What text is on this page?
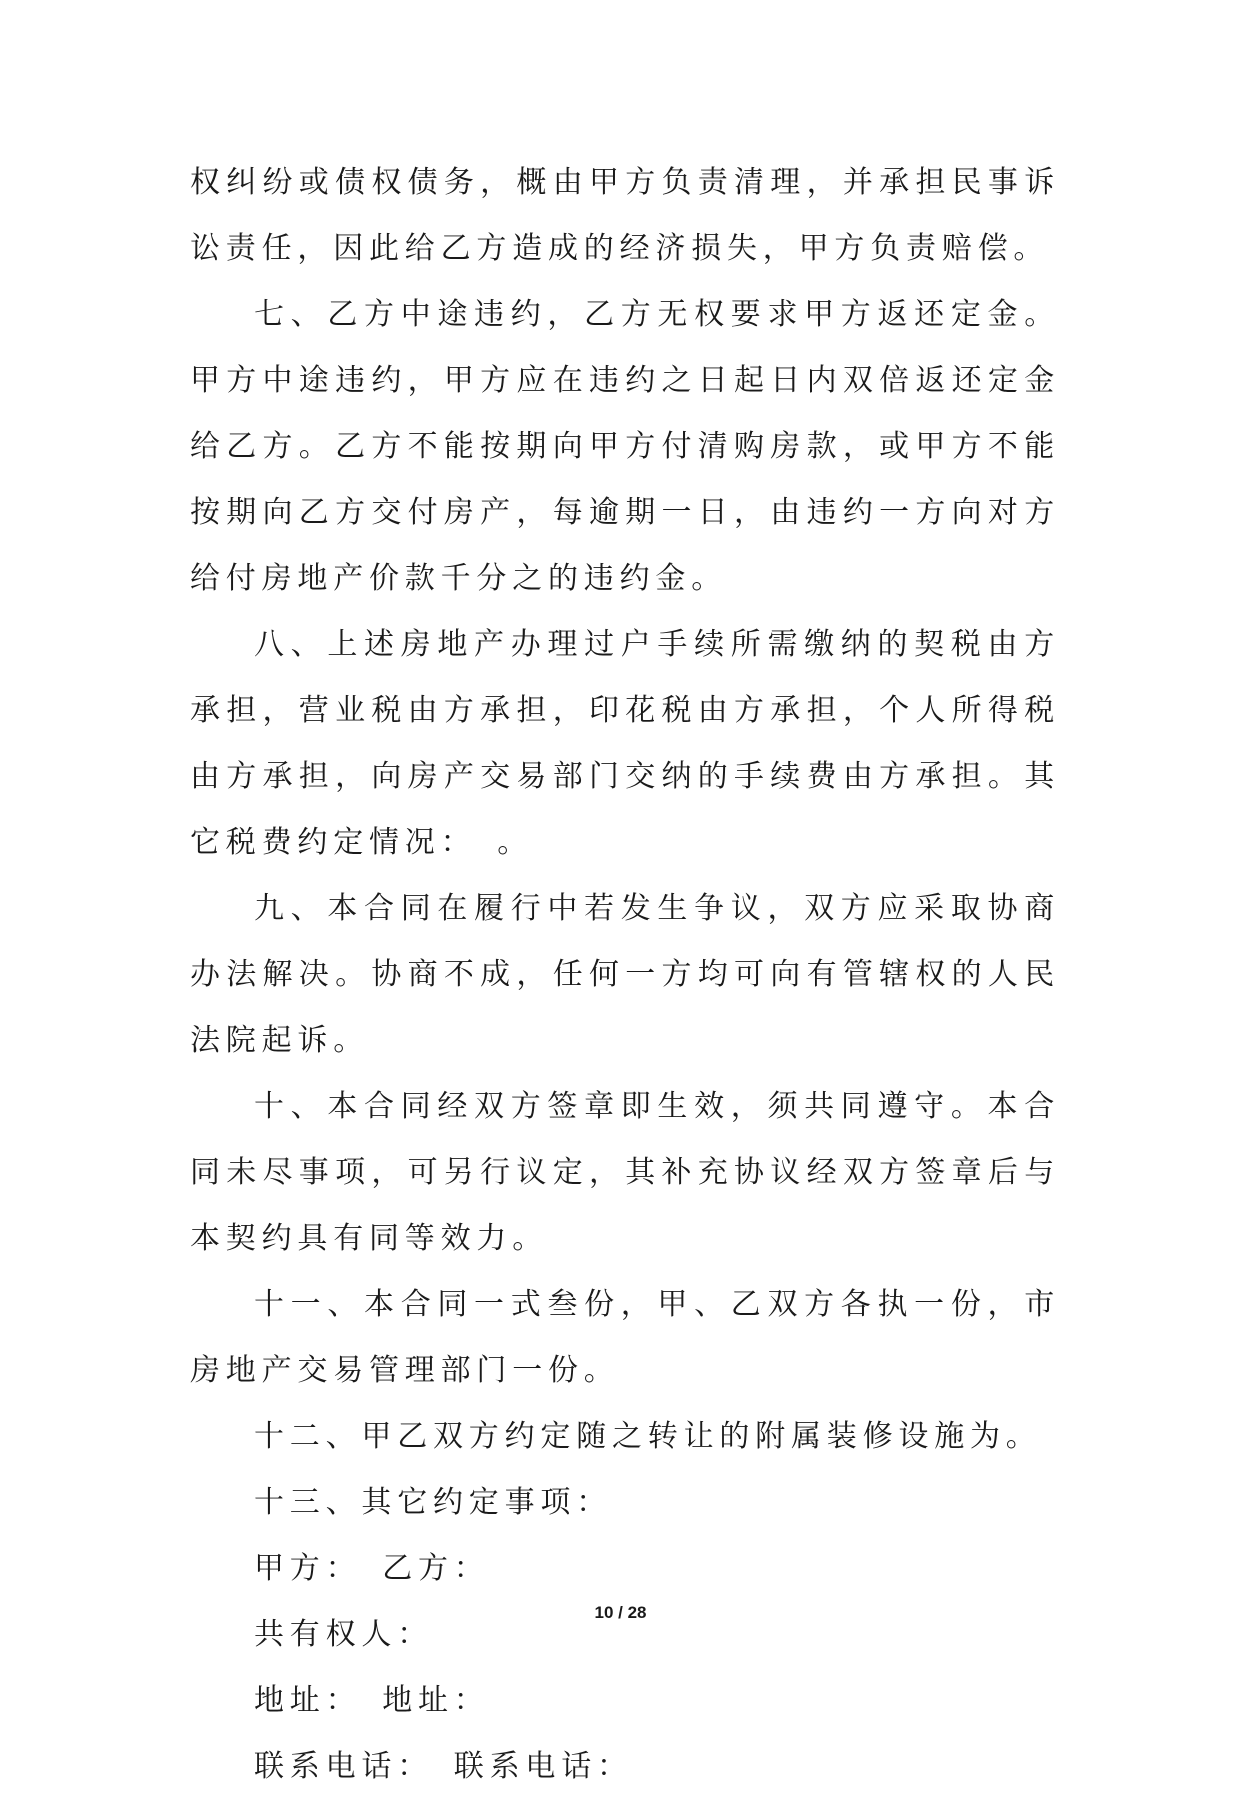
权纠纷或债权债务，概由甲方负责清理，并承担民事诉讼责任，因此给乙方造成的经济损失，甲方负责赔偿。

七、乙方中途违约，乙方无权要求甲方返还定金。甲方中途违约，甲方应在违约之日起日内双倍返还定金给乙方。乙方不能按期向甲方付清购房款，或甲方不能按期向乙方交付房产，每逾期一日，由违约一方向对方给付房地产价款千分之的违约金。

八、上述房地产办理过户手续所需缴纳的契税由方承担，营业税由方承担，印花税由方承担，个人所得税由方承担，向房产交易部门交纳的手续费由方承担。其它税费约定情况：　。

九、本合同在履行中若发生争议，双方应采取协商办法解决。协商不成，任何一方均可向有管辖权的人民法院起诉。

十、本合同经双方签章即生效，须共同遵守。本合同未尽事项，可另行议定，其补充协议经双方签章后与本契约具有同等效力。

十一、本合同一式叁份，甲、乙双方各执一份，市房地产交易管理部门一份。

十二、甲乙双方约定随之转让的附属装修设施为。

十三、其它约定事项：

甲方：　乙方：

共有权人：

地址：　地址：

联系电话：　联系电话：

10 / 28
